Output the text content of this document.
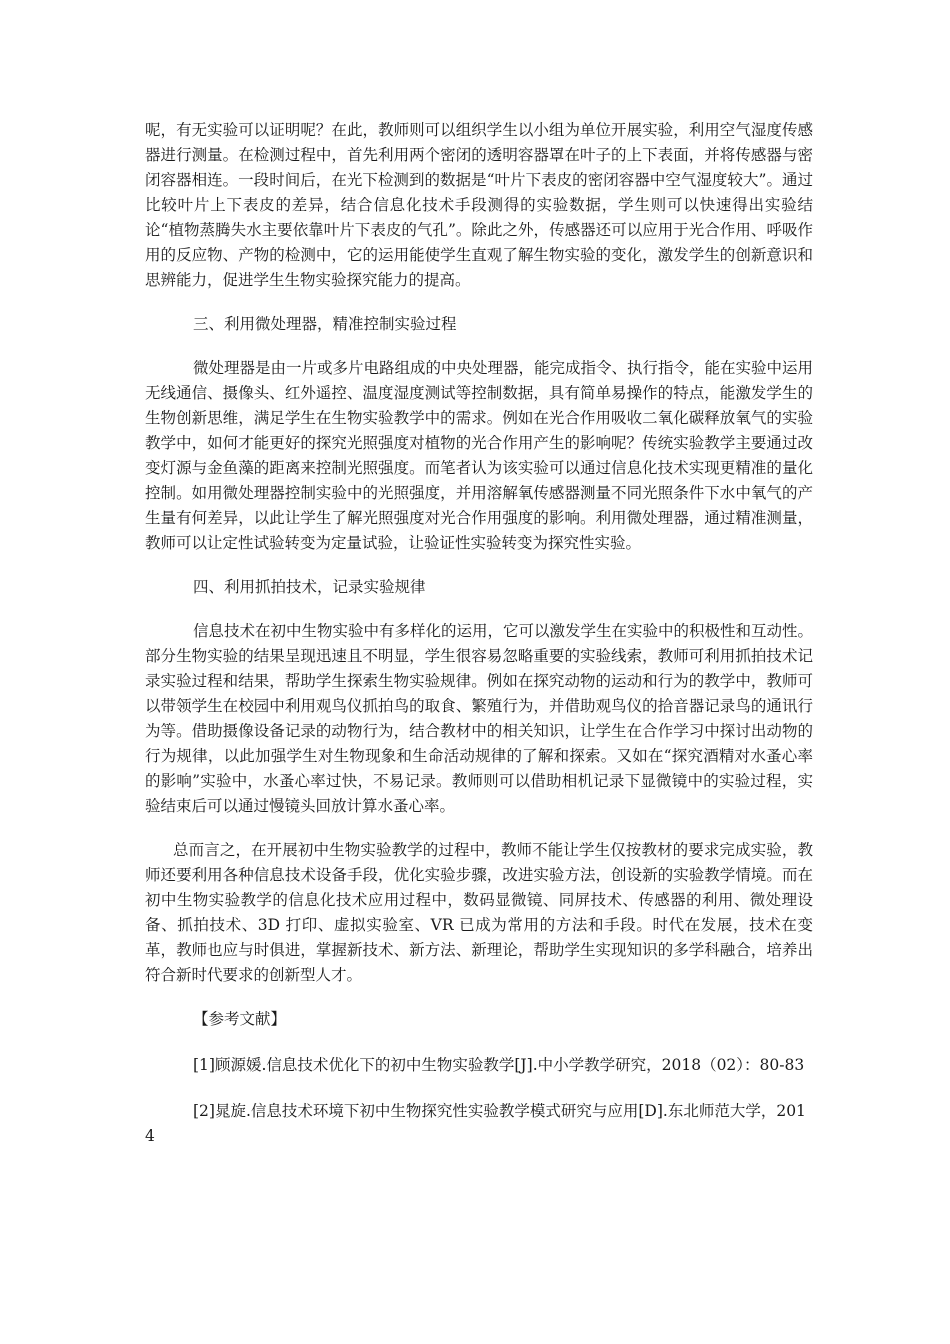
呢，有无实验可以证明呢？在此，教师则可以组织学生以小组为单位开展实验，利用空气湿度传感器进行测量。在检测过程中，首先利用两个密闭的透明容器罩在叶子的上下表面，并将传感器与密闭容器相连。一段时间后，在光下检测到的数据是“叶片下表皮的密闭容器中空气湿度较大”。通过比较叶片上下表皮的差异，结合信息化技术手段测得的实验数据，学生则可以快速得出实验结论“植物蒸腾失水主要依靠叶片下表皮的气孔”。除此之外，传感器还可以应用于光合作用、呼吸作用的反应物、产物的检测中，它的运用能使学生直观了解生物实验的变化，激发学生的创新意识和思辨能力，促进学生生物实验探究能力的提高。

三、利用微处理器，精准控制实验过程

微处理器是由一片或多片电路组成的中央处理器，能完成指令、执行指令，能在实验中运用无线通信、摄像头、红外遥控、温度湿度测试等控制数据，具有简单易操作的特点，能激发学生的生物创新思维，满足学生在生物实验教学中的需求。例如在光合作用吸收二氧化碳释放氧气的实验教学中，如何才能更好的探究光照强度对植物的光合作用产生的影响呢？传统实验教学主要通过改变灯源与金鱼藻的距离来控制光照强度。而笔者认为该实验可以通过信息化技术实现更精准的量化控制。如用微处理器控制实验中的光照强度，并用溶解氧传感器测量不同光照条件下水中氧气的产生量有何差异，以此让学生了解光照强度对光合作用强度的影响。利用微处理器，通过精准测量，教师可以让定性试验转变为定量试验，让验证性实验转变为探究性实验。

四、利用抓拍技术，记录实验规律

信息技术在初中生物实验中有多样化的运用，它可以激发学生在实验中的积极性和互动性。部分生物实验的结果呈现迅速且不明显，学生很容易忽略重要的实验线索，教师可利用抓拍技术记录实验过程和结果，帮助学生探索生物实验规律。例如在探究动物的运动和行为的教学中，教师可以带领学生在校园中利用观鸟仪抓拍鸟的取食、繁殖行为，并借助观鸟仪的拾音器记录鸟的通讯行为等。借助摄像设备记录的动物行为，结合教材中的相关知识，让学生在合作学习中探讨出动物的行为规律，以此加强学生对生物现象和生命活动规律的了解和探索。又如在“探究酒精对水蚤心率的影响”实验中，水蚤心率过快，不易记录。教师则可以借助相机记录下显微镜中的实验过程，实验结束后可以通过慢镜头回放计算水蚤心率。

总而言之，在开展初中生物实验教学的过程中，教师不能让学生仅按教材的要求完成实验，教师还要利用各种信息技术设备手段，优化实验步骤，改进实验方法，创设新的实验教学情境。而在初中生物实验教学的信息化技术应用过程中，数码显微镜、同屏技术、传感器的利用、微处理设备、抓拍技术、3D 打印、虚拟实验室、VR 已成为常用的方法和手段。时代在发展，技术在变革，教师也应与时俱进，掌握新技术、新方法、新理论，帮助学生实现知识的多学科融合，培养出符合新时代要求的创新型人才。

【参考文献】

[1]顾源媛.信息技术优化下的初中生物实验教学[J].中小学教学研究，2018（02）：80-83

[2]晁旋.信息技术环境下初中生物探究性实验教学模式研究与应用[D].东北师范大学，2014
